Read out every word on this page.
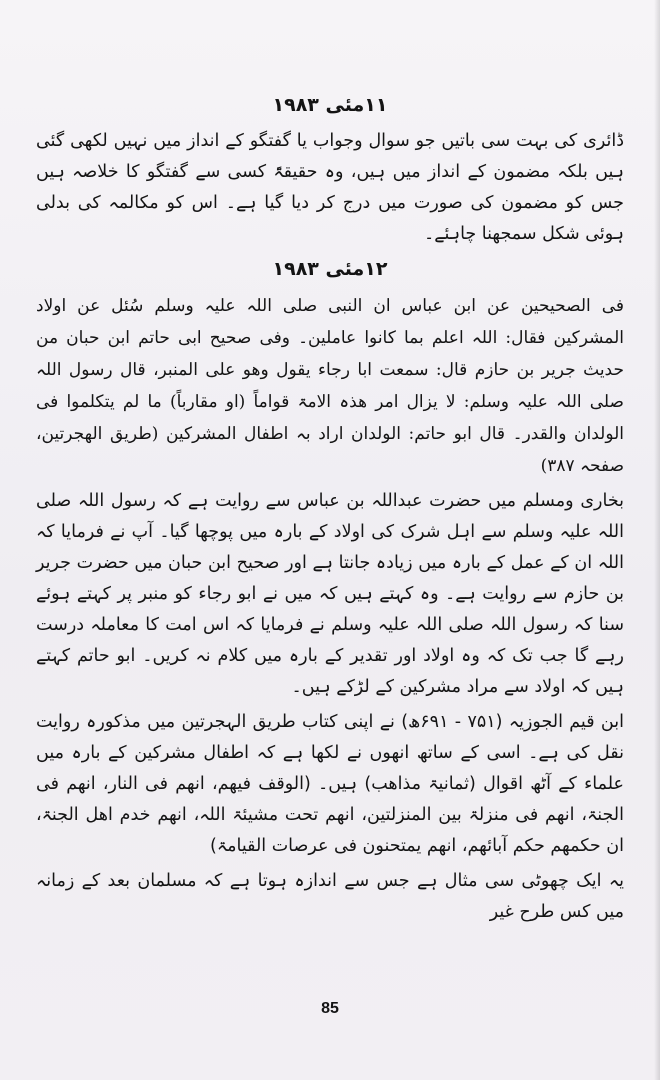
۱۱مئی ۱۹۸۳

ڈائری کی بہت سی باتیں جو سوال وجواب یا گفتگو کے انداز میں نہیں لکھی گئی ہیں بلکہ مضمون کے انداز میں ہیں، وہ حقیقۃً کسی سے گفتگو کا خلاصہ ہیں جس کو مضمون کی صورت میں درج کر دیا گیا ہے۔ اس کو مکالمہ کی بدلی ہوئی شکل سمجھنا چاہئے۔

۱۲مئی ۱۹۸۳

فی الصحیحین عن ابن عباس ان النبی صلی اللہ علیہ وسلم سُئل عن اولاد المشرکین فقال: اللہ اعلم بما کانوا عاملین۔ وفی صحیح ابی حاتم ابن حبان من حدیث جریر بن حازم قال: سمعت ابا رجاء یقول وھو علی المنبر، قال رسول اللہ صلی اللہ علیہ وسلم: لا یزال امر ھذہ الامۃ قواماً (او مقارباً) ما لم یتکلموا فی الولدان والقدر۔ قال ابو حاتم: الولدان اراد بہ اطفال المشرکین (طریق الھجرتین، صفحہ ۳۸۷)

بخاری ومسلم میں حضرت عبداللہ بن عباس سے روایت ہے کہ رسول اللہ صلی اللہ علیہ وسلم سے اہل شرک کی اولاد کے بارہ میں پوچھا گیا۔ آپ نے فرمایا کہ اللہ ان کے عمل کے بارہ میں زیادہ جانتا ہے اور صحیح ابن حبان میں حضرت جریر بن حازم سے روایت ہے۔ وہ کہتے ہیں کہ میں نے ابو رجاء کو منبر پر کہتے ہوئے سنا کہ رسول اللہ صلی اللہ علیہ وسلم نے فرمایا کہ اس امت کا معاملہ درست رہے گا جب تک کہ وہ اولاد اور تقدیر کے بارہ میں کلام نہ کریں۔ ابو حاتم کہتے ہیں کہ اولاد سے مراد مشرکین کے لڑکے ہیں۔

ابن قیم الجوزیہ (۷۵۱ - ۶۹۱ھ) نے اپنی کتاب طریق الہجرتین میں مذکورہ روایت نقل کی ہے۔ اسی کے ساتھ انھوں نے لکھا ہے کہ اطفال مشرکین کے بارہ میں علماء کے آٹھ اقوال (ثمانیۃ مذاھب) ہیں۔ (الوقف فیھم، انھم فی النار، انھم فی الجنۃ، انھم فی منزلۃ بین المنزلتین، انھم تحت مشیئۃ اللہ، انھم خدم اھل الجنۃ، ان حکمھم حکم آبائھم، انھم یمتحنون فی عرصات القیامۃ)

یہ ایک چھوٹی سی مثال ہے جس سے اندازہ ہوتا ہے کہ مسلمان بعد کے زمانہ میں کس طرح غیر

85
